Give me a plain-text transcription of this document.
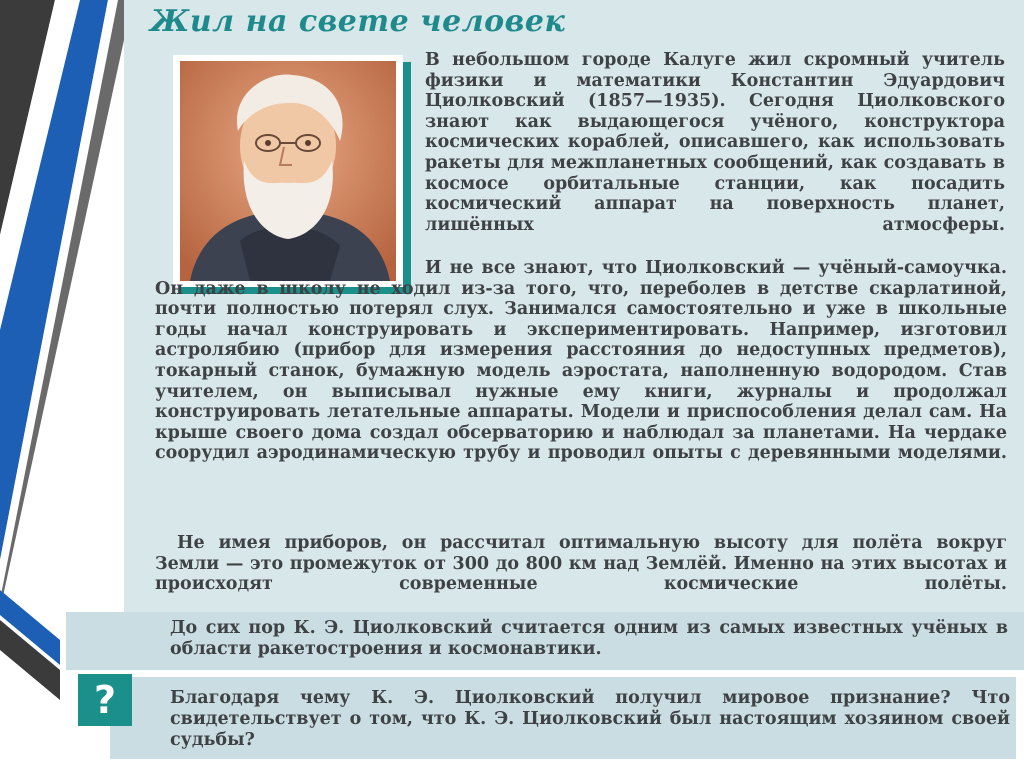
Жил на свете человек

В небольшом городе Калуге жил скромный учитель физики и математики Константин Эдуардович Циолковский (1857—1935). Сегодня Циолковского знают как выдающегося учёного, конструктора космических кораблей, описавшего, как использовать ракеты для межпланетных сообщений, как создавать в космосе орбитальные станции, как посадить космический аппарат на поверхность планет, лишённых атмосферы.

И не все знают, что Циолковский — учёный-самоучка. Он даже в школу не ходил из-за того, что, переболев в детстве скарлатиной, почти полностью потерял слух. Занимался самостоятельно и уже в школьные годы начал конструировать и экспериментировать. Например, изготовил астролябию (прибор для измерения расстояния до недоступных предметов), токарный станок, бумажную модель аэростата, наполненную водородом. Став учителем, он выписывал нужные ему книги, журналы и продолжал конструировать летательные аппараты. Модели и приспособления делал сам. На крыше своего дома создал обсерваторию и наблюдал за планетами. На чердаке соорудил аэродинамическую трубу и проводил опыты с деревянными моделями.

Не имея приборов, он рассчитал оптимальную высоту для полёта вокруг Земли — это промежуток от 300 до 800 км над Землёй. Именно на этих высотах и происходят современные космические полёты.

До сих пор К. Э. Циолковский считается одним из самых известных учёных в области ракетостроения и космонавтики.

?	Благодаря чему К. Э. Циолковский получил мировое признание? Что свидетельствует о том, что К. Э. Циолковский был настоящим хозяином своей судьбы?
